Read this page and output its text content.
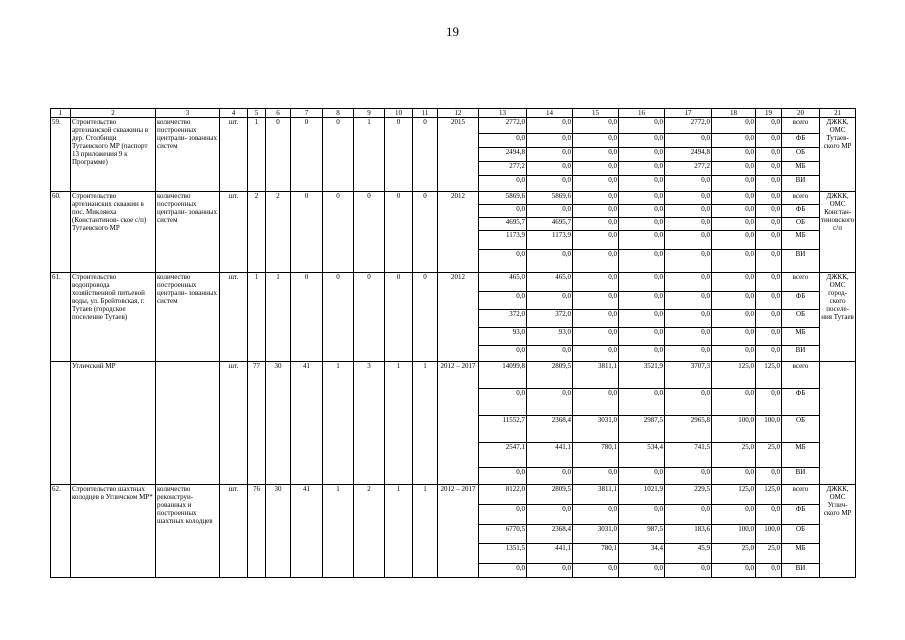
19
1	2	3	4	5	6	7	8	9	10	11	12	13	14	15	16	17	18	19	20	21
59.	Строительство артезианской скважины в дер. Столбищи Тутаевского МР (паспорт 13 приложения 9 к Программе)	количество построенных централи- зованных систем	шт.	1	0	0	0	1	0	0	2015	2772,0	0,0	0,0	0,0	2772,0	0,0	0,0	всего	ДЖКК, ОМС Тутаев- ского МР
												0,0	0,0	0,0	0,0	0,0	0,0	0,0	ФБ	
												2494,8	0,0	0,0	0,0	2494,8	0,0	0,0	ОБ	
												277,2	0,0	0,0	0,0	277,2	0,0	0,0	МБ	
												0,0	0,0	0,0	0,0	0,0	0,0	0,0	ВИ	
60.	Строительство артезианских скважин в пос. Микляиха (Константинов- ское с/п) Тутаевского МР	количество построенных централи- зованных систем	шт.	2	2	0	0	0	0	0	2012	5869,6	5869,6	0,0	0,0	0,0	0,0	0,0	всего	ДЖКК, ОМС Констан- тиновского с/п
												0,0	0,0	0,0	0,0	0,0	0,0	0,0	ФБ	
												4695,7	4695,7	0,0	0,0	0,0	0,0	0,0	ОБ	
												1173,9	1173,9	0,0	0,0	0,0	0,0	0,0	МБ	
												0,0	0,0	0,0	0,0	0,0	0,0	0,0	ВИ	
61.	Строительство водопровода хозяйственной питьевой воды, ул. Брейтовская, г. Тутаев (городское поселение Тутаев)	количество построенных централи- зованных систем	шт.	1	1	0	0	0	0	0	2012	465,0	465,0	0,0	0,0	0,0	0,0	0,0	всего	ДЖКК, ОМС город- ского поселе- ния Тутаев
												0,0	0,0	0,0	0,0	0,0	0,0	0,0	ФБ	
												372,0	372,0	0,0	0,0	0,0	0,0	0,0	ОБ	
												93,0	93,0	0,0	0,0	0,0	0,0	0,0	МБ	
												0,0	0,0	0,0	0,0	0,0	0,0	0,0	ВИ	
	Угличский МР		шт.	77	30	41	1	3	1	1	2012 – 2017	14099,8	2809,5	3811,1	3521,9	3707,3	125,0	125,0	всего	
												0,0	0,0	0,0	0,0	0,0	0,0	0,0	ФБ	
												11552,7	2368,4	3031,0	2987,5	2965,8	100,0	100,0	ОБ	
												2547,1	441,1	780,1	534,4	741,5	25,0	25,0	МБ	
												0,0	0,0	0,0	0,0	0,0	0,0	0,0	ВИ	
62.	Строительство шахтных колодцев в Угличском МР*	количество реконструи- рованных и построенных шахтных колодцев	шт.	76	30	41	1	2	1	1	2012 – 2017	8122,0	2809,5	3811,1	1021,9	229,5	125,0	125,0	всего	ДЖКК, ОМС Углич- ского МР
												0,0	0,0	0,0	0,0	0,0	0,0	0,0	ФБ	
												6770,5	2368,4	3031,0	987,5	183,6	100,0	100,0	ОБ	
												1351,5	441,1	780,1	34,4	45,9	25,0	25,0	МБ	
												0,0	0,0	0,0	0,0	0,0	0,0	0,0	ВИ	
